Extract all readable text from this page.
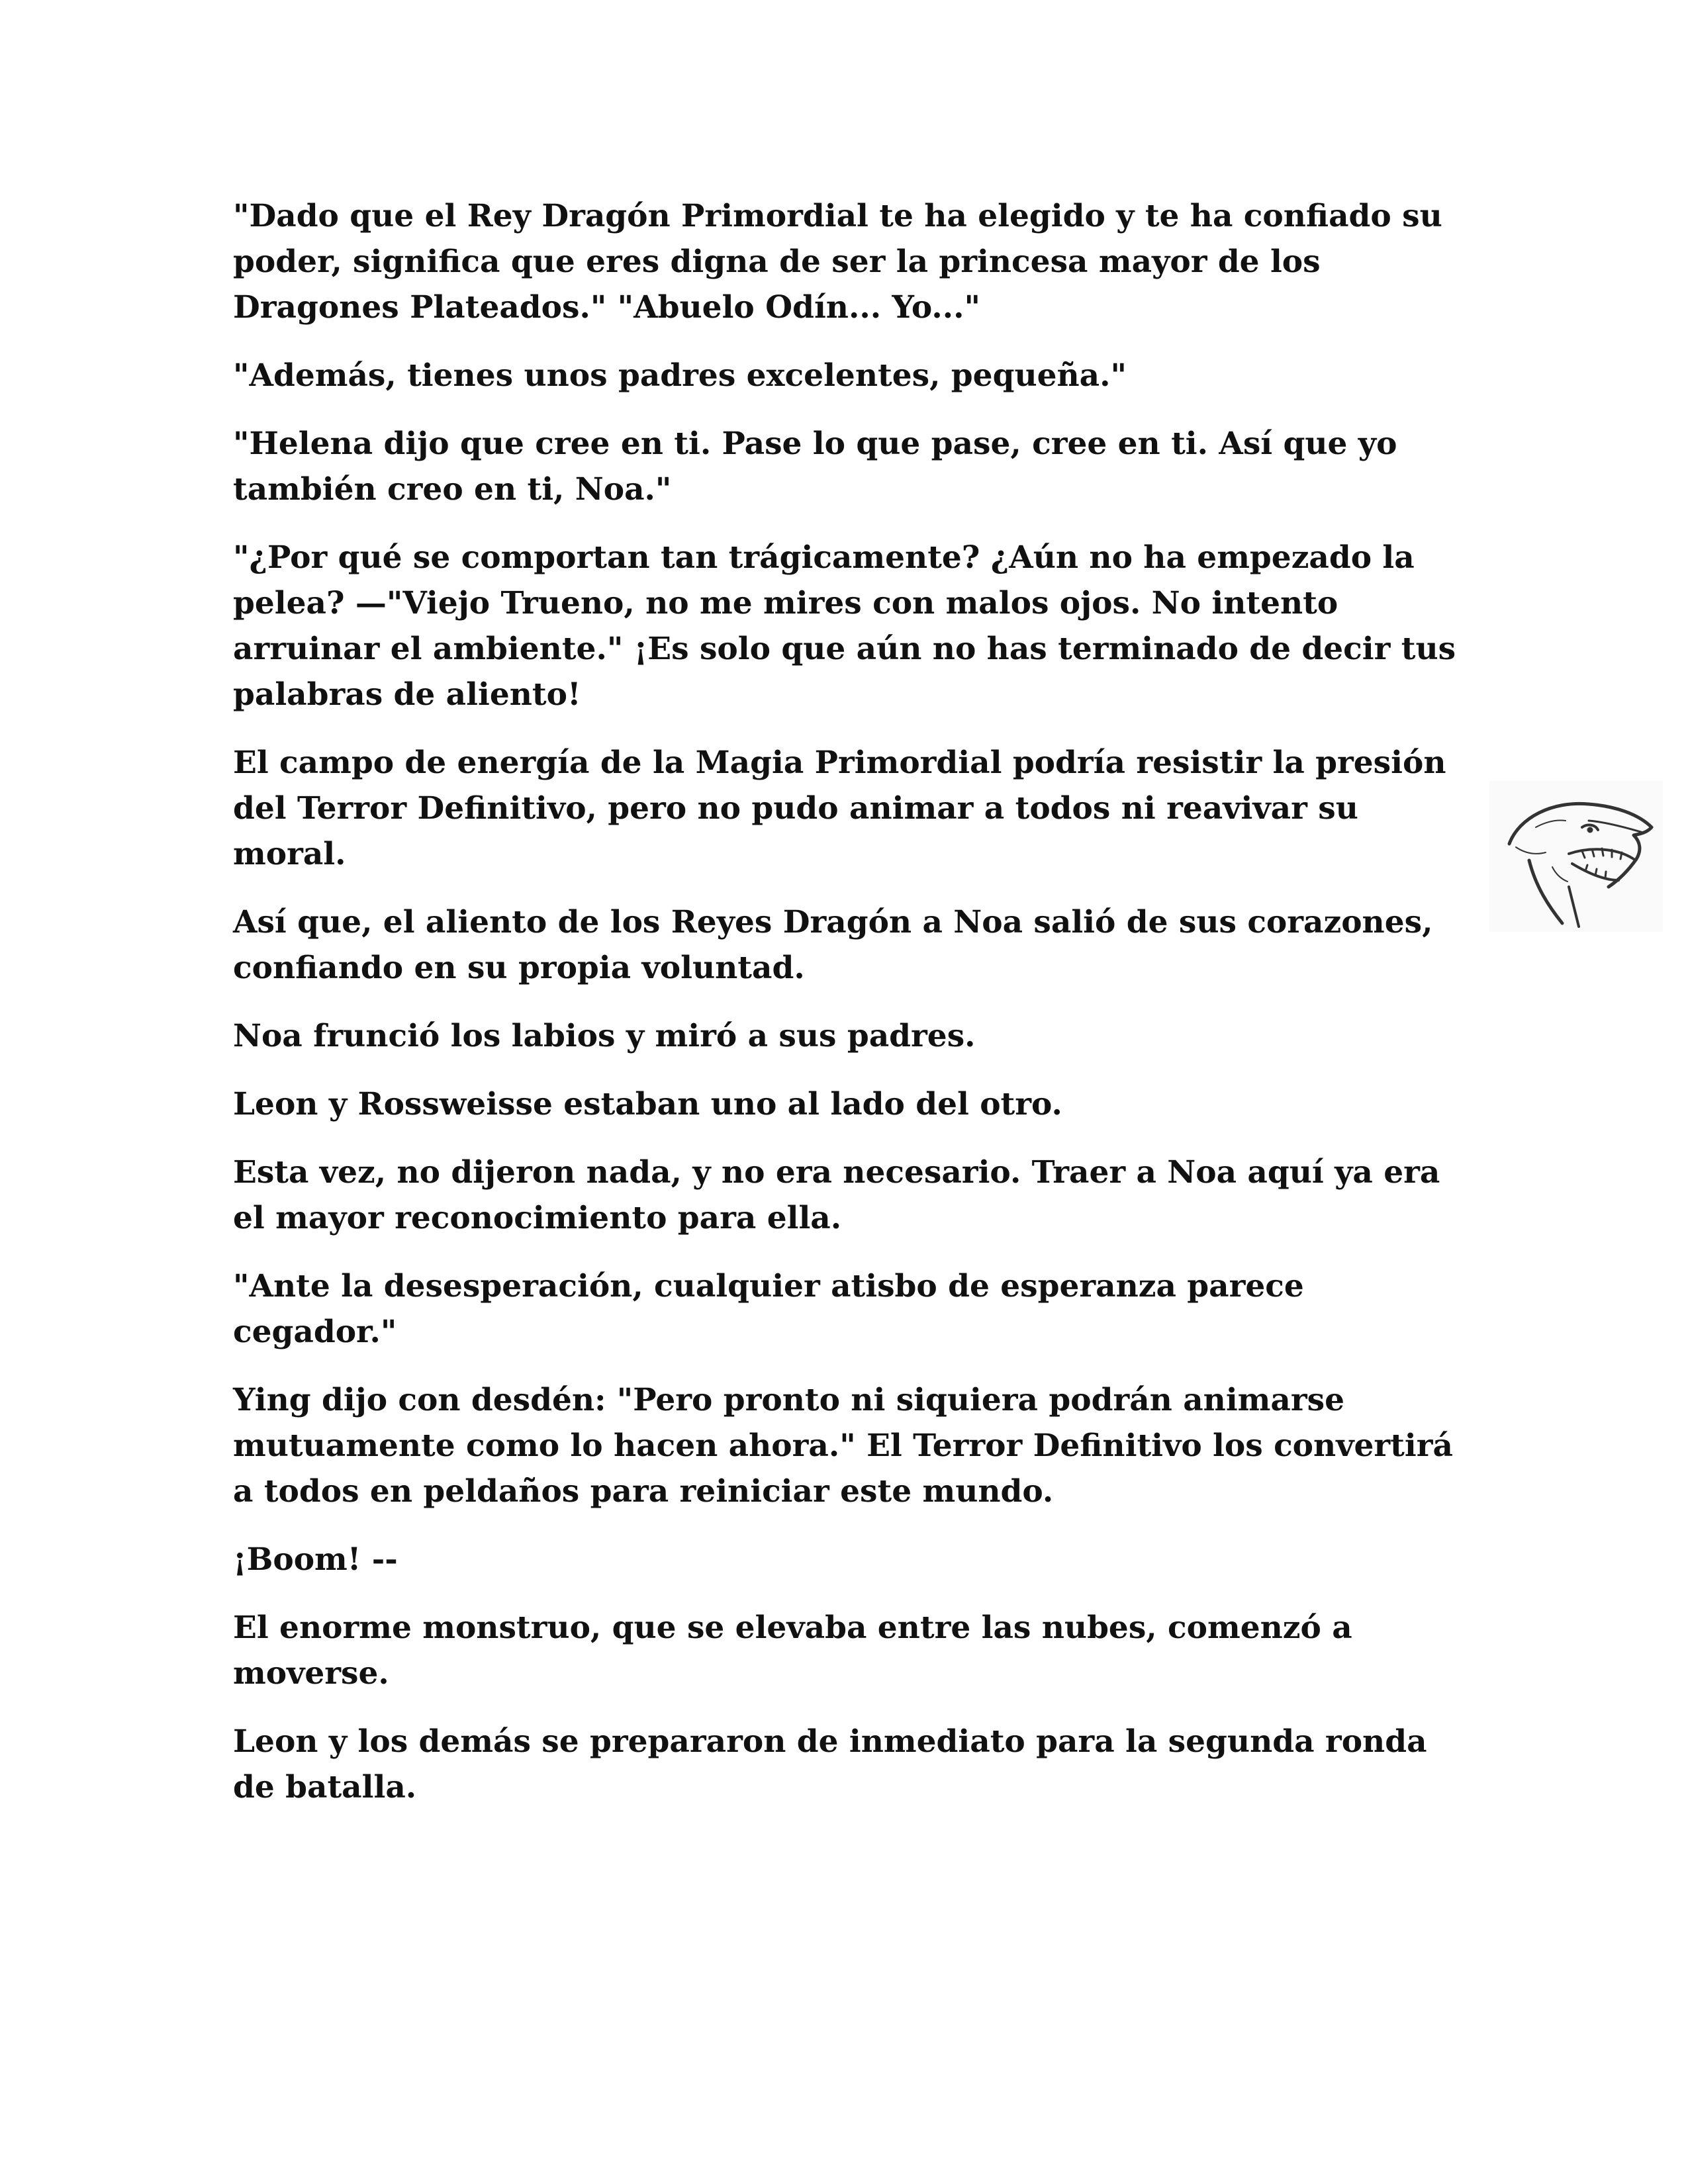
"Dado que el Rey Dragón Primordial te ha elegido y te ha confiado su poder, significa que eres digna de ser la princesa mayor de los Dragones Plateados." "Abuelo Odín... Yo..."

"Además, tienes unos padres excelentes, pequeña."

"Helena dijo que cree en ti. Pase lo que pase, cree en ti. Así que yo también creo en ti, Noa."

"¿Por qué se comportan tan trágicamente? ¿Aún no ha empezado la pelea? —"Viejo Trueno, no me mires con malos ojos. No intento arruinar el ambiente." ¡Es solo que aún no has terminado de decir tus palabras de aliento!

El campo de energía de la Magia Primordial podría resistir la presión del Terror Definitivo, pero no pudo animar a todos ni reavivar su moral.

Así que, el aliento de los Reyes Dragón a Noa salió de sus corazones, confiando en su propia voluntad.

Noa frunció los labios y miró a sus padres.

Leon y Rossweisse estaban uno al lado del otro.

Esta vez, no dijeron nada, y no era necesario. Traer a Noa aquí ya era el mayor reconocimiento para ella.

"Ante la desesperación, cualquier atisbo de esperanza parece cegador."

Ying dijo con desdén: "Pero pronto ni siquiera podrán animarse mutuamente como lo hacen ahora." El Terror Definitivo los convertirá a todos en peldaños para reiniciar este mundo.

¡Boom! --

El enorme monstruo, que se elevaba entre las nubes, comenzó a moverse.

Leon y los demás se prepararon de inmediato para la segunda ronda de batalla.
